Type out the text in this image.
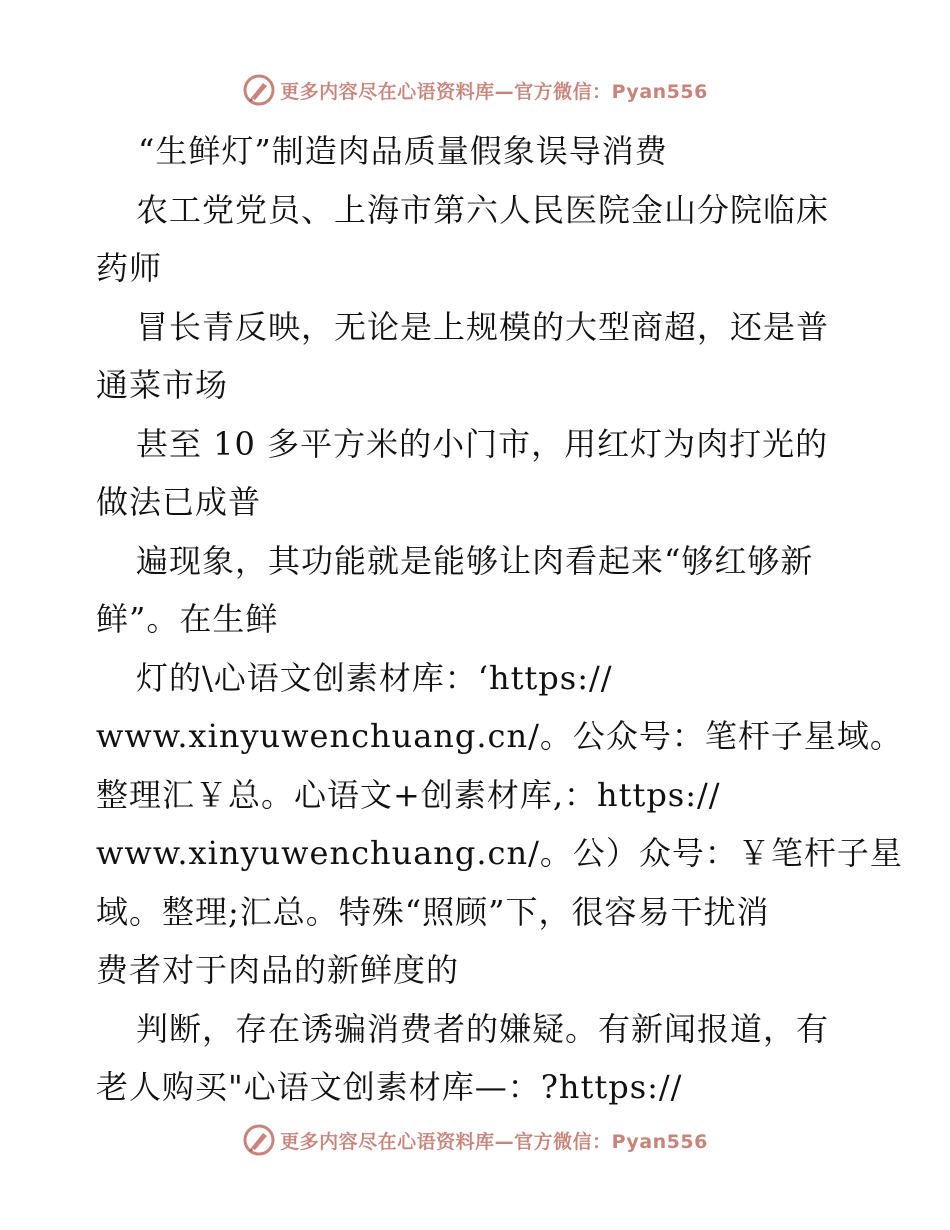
更多内容尽在心语资料库—官方微信：Pyan556
“生鲜灯”制造肉品质量假象误导消费
农工党党员、上海市第六人民医院金山分院临床
药师
冒长青反映，无论是上规模的大型商超，还是普
通菜市场
甚至 10 多平方米的小门市，用红灯为肉打光的
做法已成普
遍现象，其功能就是能够让肉看起来“够红够新
鲜”。在生鲜
灯的\心语文创素材库：‘https://
www.xinyuwenchuang.cn/。公众号：笔杆子星域。
整理汇￥总。心语文+创素材库,：https://
www.xinyuwenchuang.cn/。公）众号：￥笔杆子星
域。整理;汇总。特殊“照顾”下，很容易干扰消
费者对于肉品的新鲜度的
判断，存在诱骗消费者的嫌疑。有新闻报道，有
老人购买"心语文创素材库—：?https://
更多内容尽在心语资料库—官方微信：Pyan556
